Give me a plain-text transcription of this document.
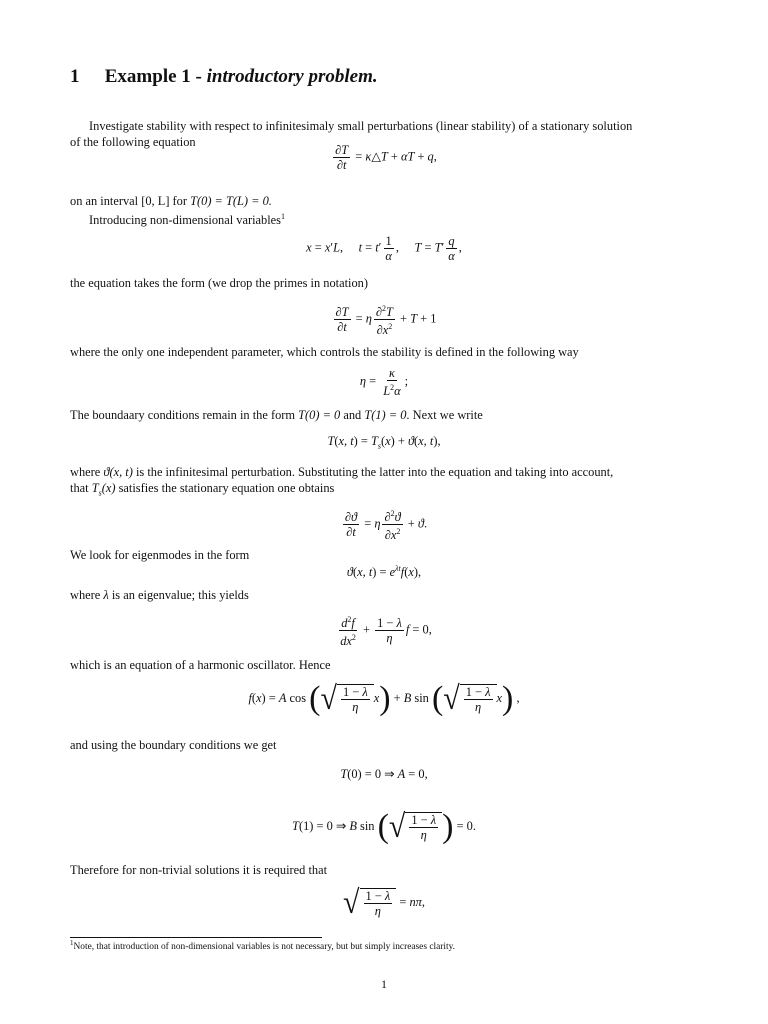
1 Example 1 - introductory problem.
Investigate stability with respect to infinitesimaly small perturbations (linear stability) of a stationary solution
of the following equation
$\frac{\partial T}{\partial t}$ = κ△T + αT + q,
on an interval [0, L] for T(0) = T(L) = 0.
Introducing non-dimensional variables$^1$
x = x′L,     $t = t' \frac{1}{\alpha}$ ,     $T = T' \frac{q}{\alpha}$ ,
the equation takes the form (we drop the primes in notation)
$\frac{\partial T}{\partial t} = \eta \frac{\partial^2T}{\partial x^2} + T + 1$
where the only one independent parameter, which controls the stability is defined in the following way
$\eta = \frac{\kappa}{L^2\alpha}$ ;
The boundaary conditions remain in the form T(0) = 0 and T(1) = 0. Next we write
T(x, $t) = T_s(x) + ϑ(x$, t),
where ϑ(x, t) is the infinitesimal perturbation. Substituting the latter into the equation and taking into account,
that $T_s(x)$ satisfies the stationary equation one obtains
$\frac{\partial ϑ}{\partial t} = \eta \frac{\partial^2ϑ}{\partial x^2} + ϑ$.
We look for eigenmodes in the form
ϑ(x, $t) = e^{\lambda t}f(x)$,
where λ is an eigenvalue; this yields
$\frac{d^2f}{dx^2} + \frac{1 - \lambda}{\eta}$ f = 0,
which is an equation of a harmonic oscillator. Hence
f(x) = A cos ( √ $\frac{1 - \lambda}{\eta} x) + B$ sin ( √ $\frac{1 - \lambda}{\eta} x$) ,
and using the boundary conditions we get
T(0) = 0 ⇒ A = 0,
T(1) = 0 ⇒ B sin ( √ $\frac{1 - \lambda}{\eta}$ ) = 0.
Therefore for non-trivial solutions it is required that
√ $\frac{1 - \lambda}{\eta} = n\pi$,
$^1$Note, that introduction of non-dimensional variables is not necessary, but but simply increases clarity.
1
